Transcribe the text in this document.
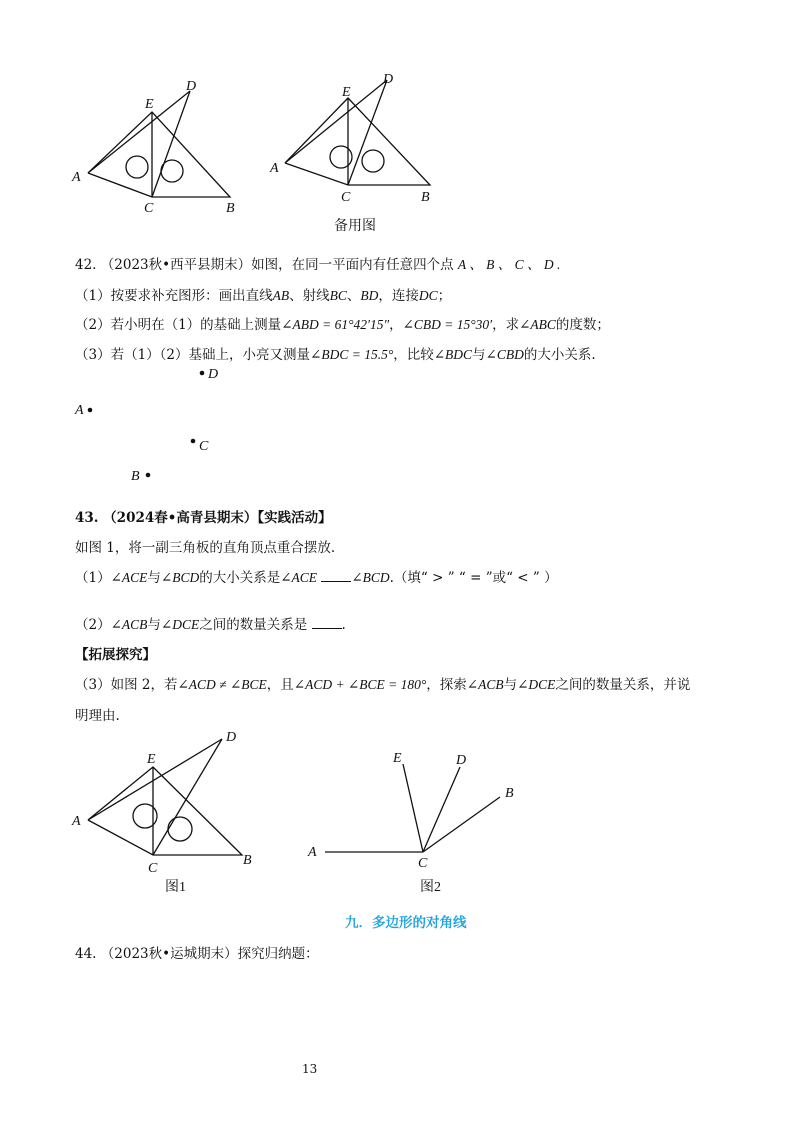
A
C	B
E
D
A
C	B
E
D
备用图
42. （2023秋•西平县期末）如图，在同一平面内有任意四个点 A 、 B 、 C 、 D .
（1）按要求补充图形：画出直线AB、射线BC、BD，连接DC；
（2）若小明在（1）的基础上测量∠ABD = 61°42′15″，∠CBD = 15°30′，求∠ABC的度数；
（3）若（1）（2）基础上，小亮又测量∠BDC = 15.5°，比较∠BDC与∠CBD的大小关系.
D
A
C
B
43. （2024春•高青县期末）【实践活动】
如图 1，将一副三角板的直角顶点重合摆放.
（1）∠ACE与∠BCD的大小关系是∠ACE	∠BCD.（填“ > ” “ = ”或“ < ” ）
（2）∠ACB与∠DCE之间的数量关系是	.
【拓展探究】
（3）如图 2，若∠ACD ≠ ∠BCE，且∠ACD + ∠BCE = 180°，探索∠ACB与∠DCE之间的数量关系，并说
明理由.
A
C
B
E
D
图1
A
C
B
D
E
图2
九．多边形的对角线
44. （2023秋•运城期末）探究归纳题：
13
